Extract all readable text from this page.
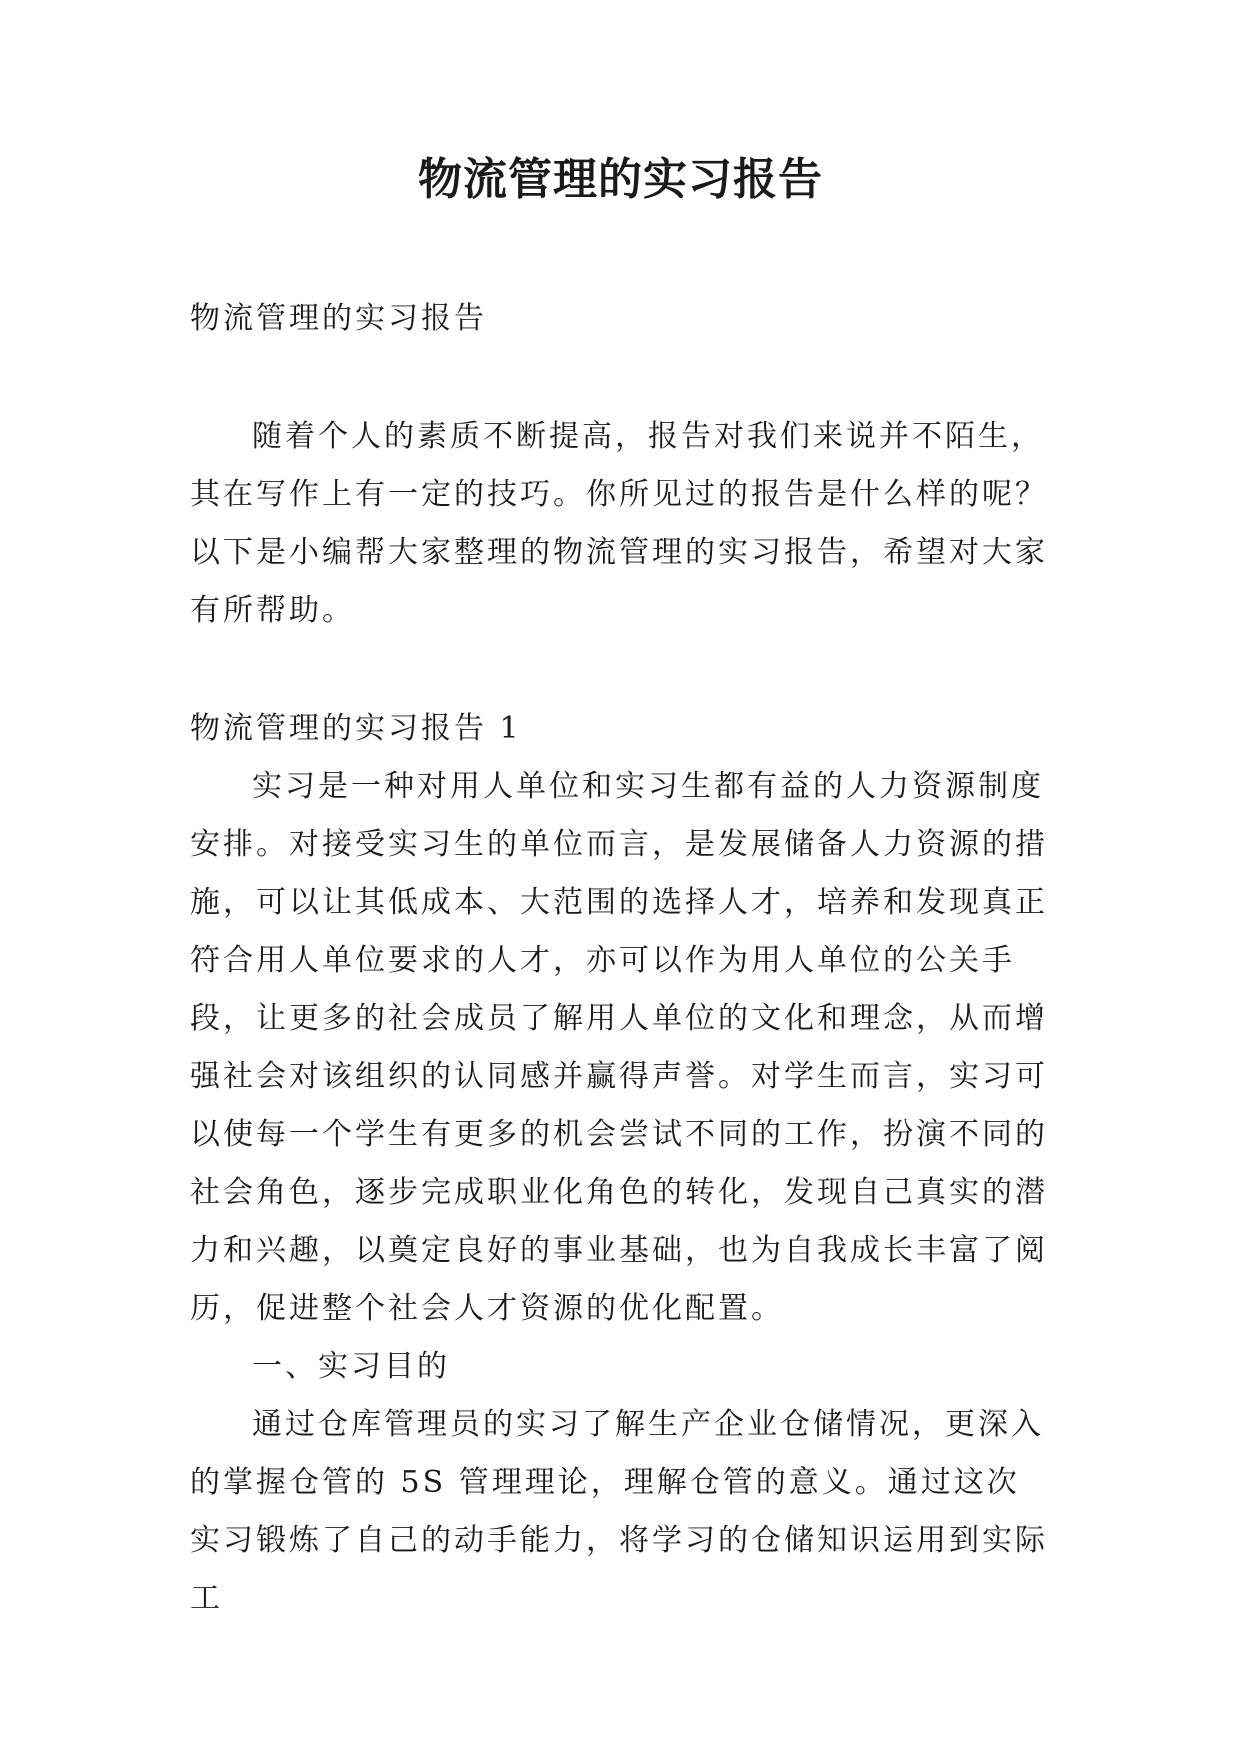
物流管理的实习报告

物流管理的实习报告

随着个人的素质不断提高，报告对我们来说并不陌生，其在写作上有一定的技巧。你所见过的报告是什么样的呢？以下是小编帮大家整理的物流管理的实习报告，希望对大家有所帮助。

物流管理的实习报告 1

实习是一种对用人单位和实习生都有益的人力资源制度安排。对接受实习生的单位而言，是发展储备人力资源的措施，可以让其低成本、大范围的选择人才，培养和发现真正符合用人单位要求的人才，亦可以作为用人单位的公关手段，让更多的社会成员了解用人单位的文化和理念，从而增强社会对该组织的认同感并赢得声誉。对学生而言，实习可以使每一个学生有更多的机会尝试不同的工作，扮演不同的社会角色，逐步完成职业化角色的转化，发现自己真实的潜力和兴趣，以奠定良好的事业基础，也为自我成长丰富了阅历，促进整个社会人才资源的优化配置。

一、实习目的

通过仓库管理员的实习了解生产企业仓储情况，更深入的掌握仓管的 5S 管理理论，理解仓管的意义。通过这次实习锻炼了自己的动手能力，将学习的仓储知识运用到实际工
